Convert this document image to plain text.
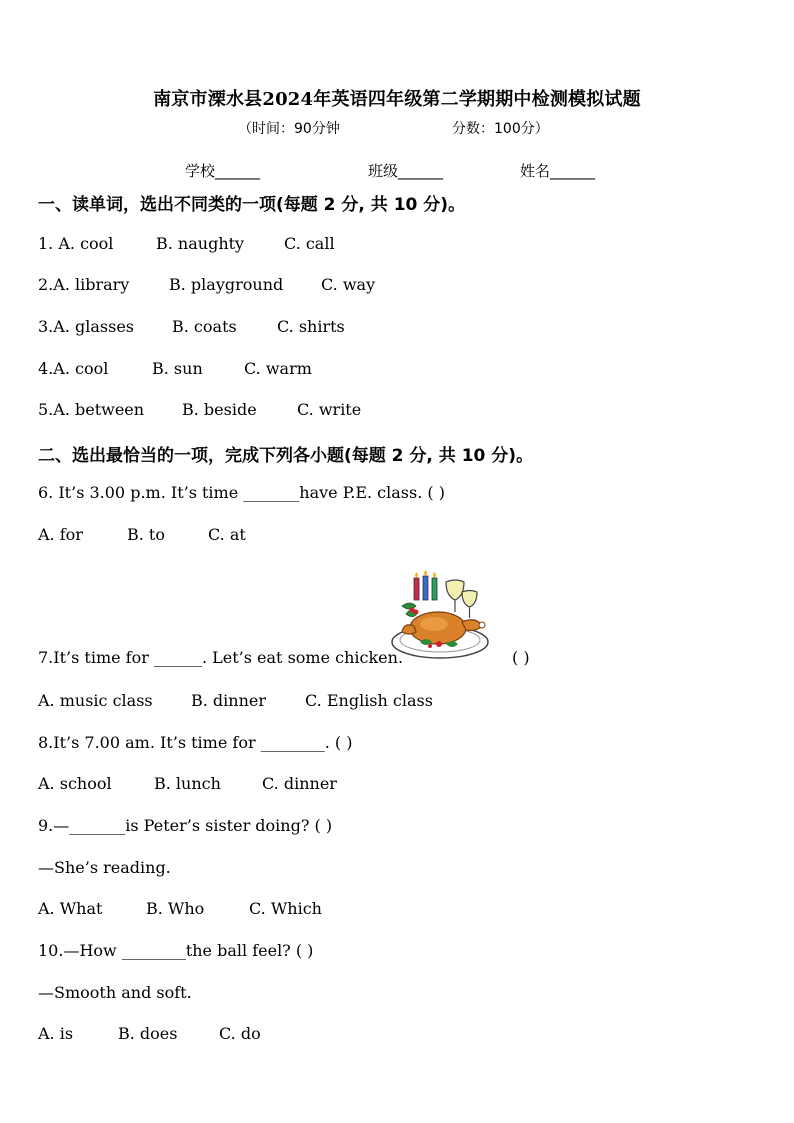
南京市溧水县2024年英语四年级第二学期期中检测模拟试题
（时间：90分钟	分数：100分）
学校______	班级______	姓名______
一、读单词，选出不同类的一项(每题 2 分, 共 10 分)。
1. A. cool	B. naughty C. call
2.A. library B. playground C. way
3.A. glasses B. coats	C. shirts
4.A. cool	B. sun	C. warm
5.A. between B. beside	C. write
二、选出最恰当的一项，完成下列各小题(每题 2 分, 共 10 分)。
6. It’s 3.00 p.m. It’s time _______have P.E. class. ( )
A. for	B. to	C. at
7.It’s time for ______. Let’s eat some chicken.	( )
A. music class B. dinner C. English class
8.It’s 7.00 am. It’s time for ________. ( )
A. school	B. lunch	C. dinner
9.—_______is Peter’s sister doing? ( )
—She’s reading.
A. What	B. Who	C. Which
10.—How ________the ball feel? ( )
—Smooth and soft.
A. is	B. does	C. do
